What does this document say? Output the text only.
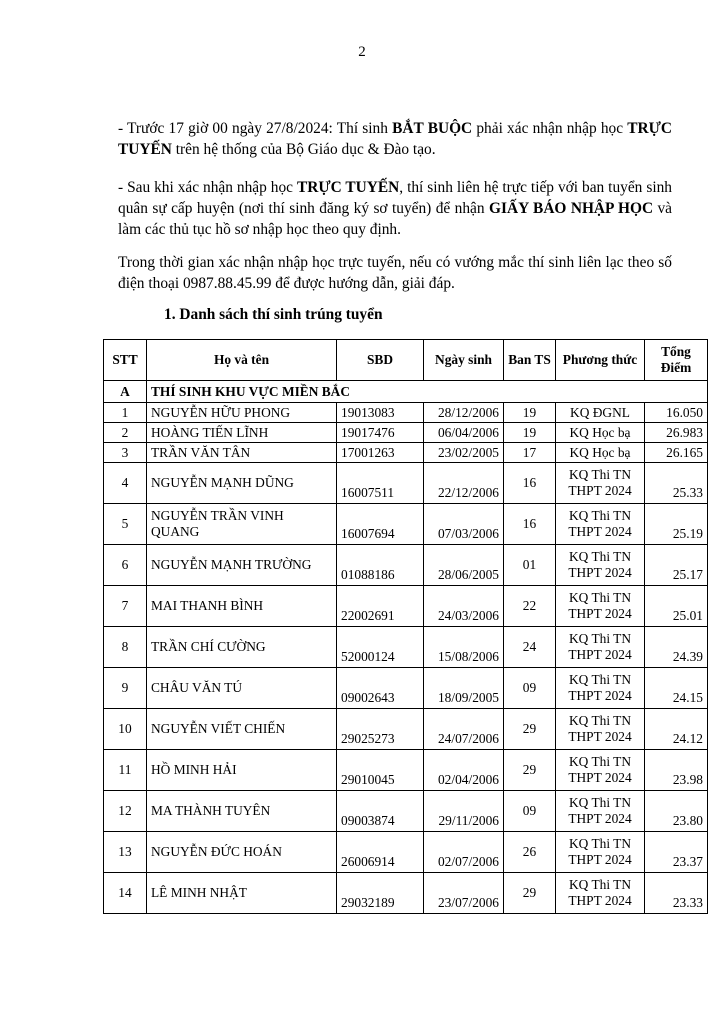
2
- Trước 17 giờ 00 ngày 27/8/2024: Thí sinh BẮT BUỘC phải xác nhận nhập học TRỰC TUYẾN trên hệ thống của Bộ Giáo dục & Đào tạo.
- Sau khi xác nhận nhập học TRỰC TUYẾN, thí sinh liên hệ trực tiếp với ban tuyển sinh quân sự cấp huyện (nơi thí sinh đăng ký sơ tuyển) để nhận GIẤY BÁO NHẬP HỌC và làm các thủ tục hồ sơ nhập học theo quy định.
Trong thời gian xác nhận nhập học trực tuyến, nếu có vướng mắc thí sinh liên lạc theo số điện thoại 0987.88.45.99 để được hướng dẫn, giải đáp.
1. Danh sách thí sinh trúng tuyển
STT	Họ và tên	SBD	Ngày sinh	Ban TS	Phương thức	Tổng Điểm
A	THÍ SINH KHU VỰC MIỀN BẮC					
1	NGUYỄN HỮU PHONG	19013083	28/12/2006	19	KQ ĐGNL	16.050
2	HOÀNG TIẾN LĨNH	19017476	06/04/2006	19	KQ Học bạ	26.983
3	TRẦN VĂN TÂN	17001263	23/02/2005	17	KQ Học bạ	26.165
4	NGUYỄN MẠNH DŨNG	16007511	22/12/2006	16	KQ Thi TN THPT 2024	25.33
5	NGUYỄN TRẦN VINH QUANG	16007694	07/03/2006	16	KQ Thi TN THPT 2024	25.19
6	NGUYỄN MẠNH TRƯỜNG	01088186	28/06/2005	01	KQ Thi TN THPT 2024	25.17
7	MAI THANH BÌNH	22002691	24/03/2006	22	KQ Thi TN THPT 2024	25.01
8	TRẦN CHÍ CƯỜNG	52000124	15/08/2006	24	KQ Thi TN THPT 2024	24.39
9	CHÂU VĂN TÚ	09002643	18/09/2005	09	KQ Thi TN THPT 2024	24.15
10	NGUYỄN VIẾT CHIẾN	29025273	24/07/2006	29	KQ Thi TN THPT 2024	24.12
11	HỒ MINH HẢI	29010045	02/04/2006	29	KQ Thi TN THPT 2024	23.98
12	MA THÀNH TUYÊN	09003874	29/11/2006	09	KQ Thi TN THPT 2024	23.80
13	NGUYỄN ĐỨC HOÁN	26006914	02/07/2006	26	KQ Thi TN THPT 2024	23.37
14	LÊ MINH NHẬT	29032189	23/07/2006	29	KQ Thi TN THPT 2024	23.33
